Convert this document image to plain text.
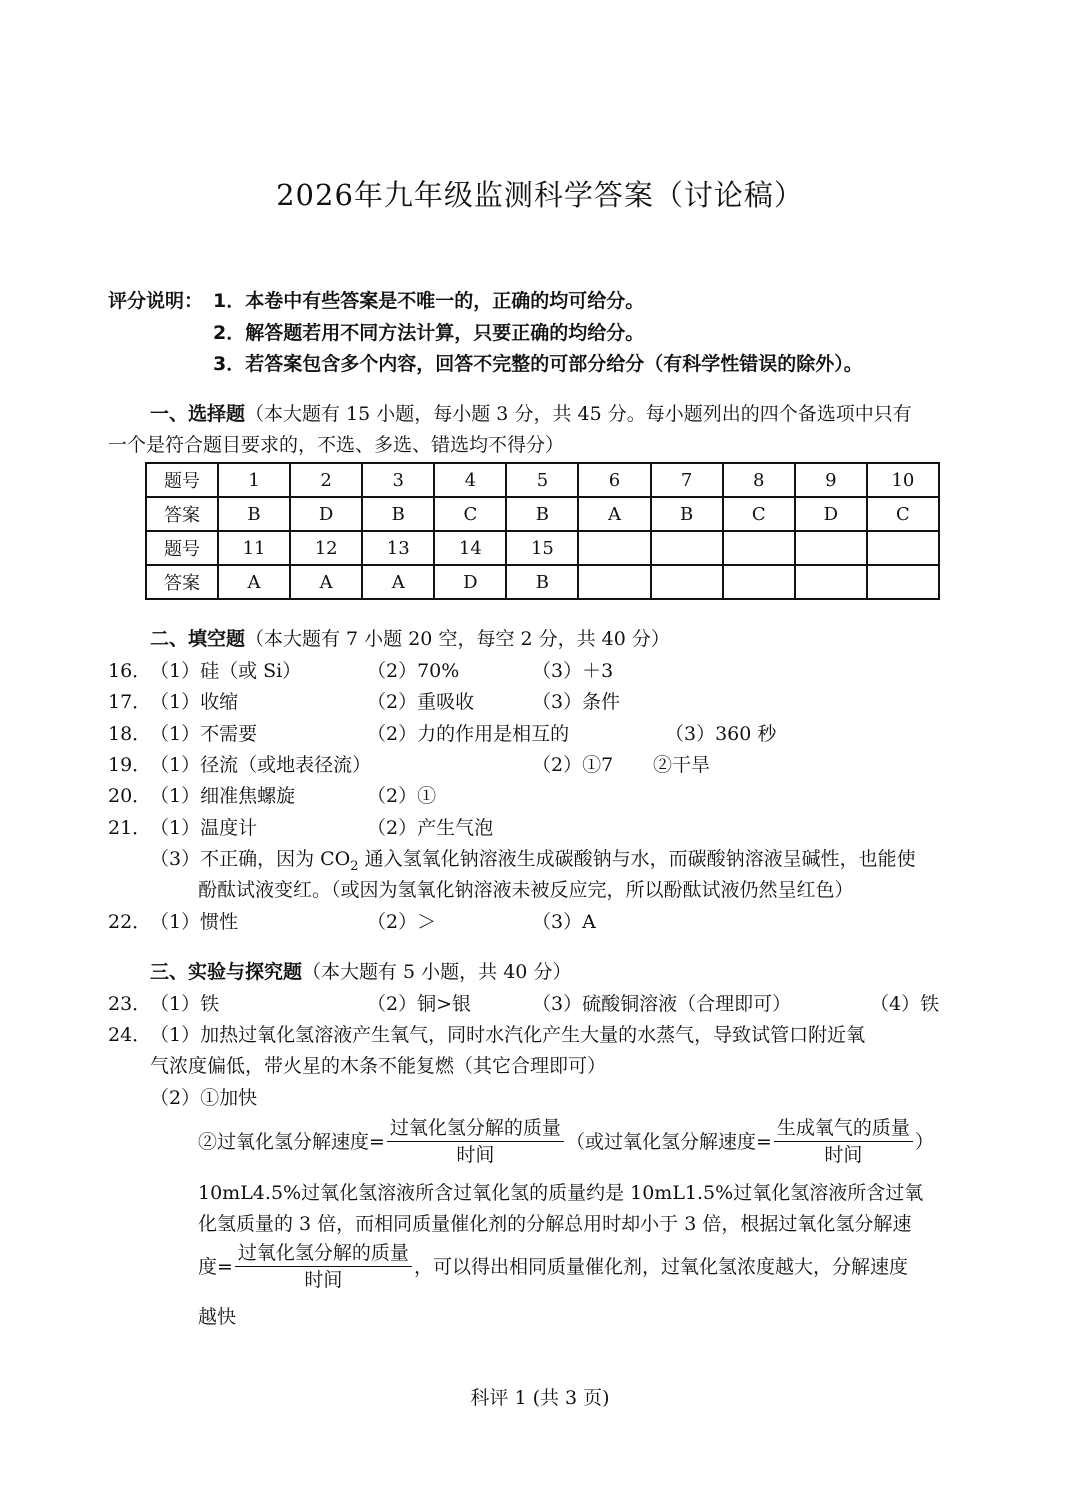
2026年九年级监测科学答案（讨论稿）
评分说明： 1．本卷中有些答案是不唯一的，正确的均可给分。
2．解答题若用不同方法计算，只要正确的均给分。
3．若答案包含多个内容，回答不完整的可部分给分（有科学性错误的除外）。
一、选择题（本大题有 15 小题，每小题 3 分，共 45 分。每小题列出的四个备选项中只有
一个是符合题目要求的，不选、多选、错选均不得分）
题号	1	2	3	4	5	6	7	8	9	10
答案	B	D	B	C	B	A	B	C	D	C
题号	11	12	13	14	15					
答案	A	A	A	D	B					
二、填空题（本大题有 7 小题 20 空，每空 2 分，共 40 分）
16．
（1）硅（或 Si）	（2）70%	（3）＋3
17．
（1）收缩	（2）重吸收	（3）条件
18．
（1）不需要	（2）力的作用是相互的	（3）360 秒
19．
（1）径流（或地表径流）	（2）①7 ②干旱
20．
（1）细准焦螺旋	（2）①
21．
（1）温度计	（2）产生气泡
（3）不正确，因为 $CO_2$ 通入氢氧化钠溶液生成碳酸钠与水，而碳酸钠溶液呈碱性，也能使
酚酞试液变红。（或因为氢氧化钠溶液未被反应完，所以酚酞试液仍然呈红色）
22．
（1）惯性	（2）＞	（3）A
三、实验与探究题（本大题有 5 小题，共 40 分）
23．
（1）铁	（2）铜>银	（3）硫酸铜溶液（合理即可）	（4）铁
24．
（1）加热过氧化氢溶液产生氧气，同时水汽化产生大量的水蒸气，导致试管口附近氧
气浓度偏低，带火星的木条不能复燃（其它合理即可）
（2）①加快
②过氧化氢分解速度= $\frac{\text{过氧化氢分解的质量}}{\text{时间}}$ （或过氧化氢分解速度= $\frac{\text{生成氧气的质量}}{\text{时间}}$ ）
10mL4.5%过氧化氢溶液所含过氧化氢的质量约是 10mL1.5%过氧化氢溶液所含过氧
化氢质量的 3 倍，而相同质量催化剂的分解总用时却小于 3 倍，根据过氧化氢分解速
度= $\frac{\text{过氧化氢分解的质量}}{\text{时间}}$ ，可以得出相同质量催化剂，过氧化氢浓度越大，分解速度
越快
科评 1 (共 3 页)
